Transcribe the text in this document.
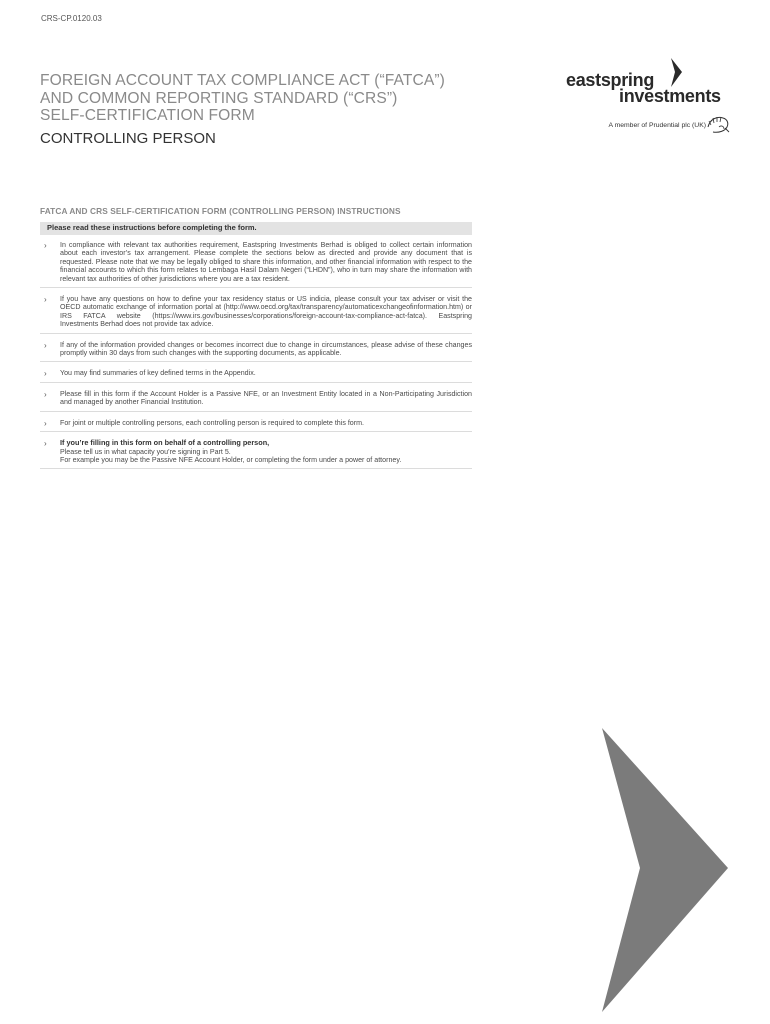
CRS-CP.0120.03
FOREIGN ACCOUNT TAX COMPLIANCE ACT (“FATCA”)
AND COMMON REPORTING STANDARD (“CRS”)
SELF-CERTIFICATION FORM
CONTROLLING PERSON
eastspring
investments
A member of Prudential plc (UK)
FATCA AND CRS SELF-CERTIFICATION FORM (CONTROLLING PERSON) INSTRUCTIONS
Please read these instructions before completing the form.
› In compliance with relevant tax authorities requirement, Eastspring Investments Berhad is obliged to collect certain information about each investor’s tax arrangement. Please complete the sections below as directed and provide any document that is requested. Please note that we may be legally obliged to share this information, and other financial information with respect to the financial accounts to which this form relates to Lembaga Hasil Dalam Negeri (“LHDN”), who in turn may share the information with relevant tax authorities of other jurisdictions where you are a tax resident.
› If you have any questions on how to define your tax residency status or US indicia, please consult your tax adviser or visit the OECD automatic exchange of information portal at (http://www.oecd.org/tax/transparency/automaticexchangeofinformation.htm) or IRS FATCA website (https://www.irs.gov/businesses/corporations/foreign-account-tax-compliance-act-fatca). Eastspring Investments Berhad does not provide tax advice.
› If any of the information provided changes or becomes incorrect due to change in circumstances, please advise of these changes promptly within 30 days from such changes with the supporting documents, as applicable.
› You may find summaries of key defined terms in the Appendix.
› Please fill in this form if the Account Holder is a Passive NFE, or an Investment Entity located in a Non-Participating Jurisdiction and managed by another Financial Institution.
› For joint or multiple controlling persons, each controlling person is required to complete this form.
› If you’re filling in this form on behalf of a controlling person,
Please tell us in what capacity you’re signing in Part 5.
For example you may be the Passive NFE Account Holder, or completing the form under a power of attorney.
